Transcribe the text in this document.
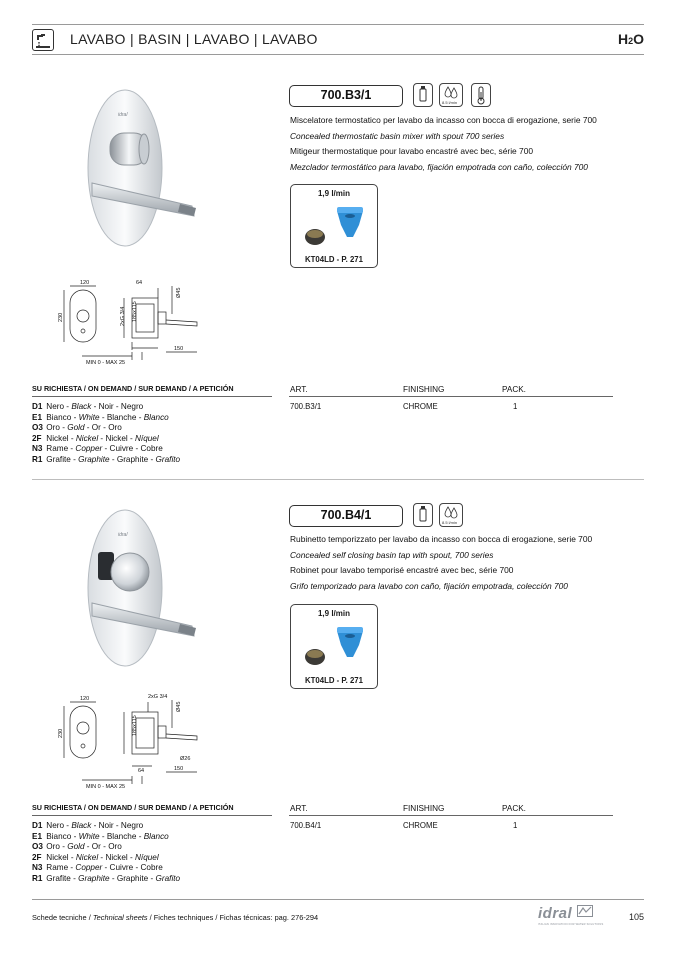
LAVABO | BASIN | LAVABO | LAVABO	H2O
idral
120	64
230
Ø45
2xG 3/4 185x115
150
MIN 0 - MAX 25
700.B3/1
8.5 l/min
Miscelatore termostatico per lavabo da incasso con bocca di erogazione, serie 700
Concealed thermostatic basin mixer with spout 700 series
Mitigeur thermostatique pour lavabo encastré avec bec, série 700
Mezclador termostático para lavabo, fijación empotrada con caño, colección 700
1,9 l/min
KT04LD - P. 271
SU RICHIESTA / ON DEMAND / SUR DEMAND / A PETICIÓN
D1 Nero - Black - Noir - Negro
E1 Bianco - White - Blanche - Blanco
O3 Oro - Gold - Or - Oro
2F Nickel - Nickel - Nickel - Níquel
N3 Rame - Copper - Cuivre - Cobre
R1 Grafite - Graphite - Graphite - Grafito
ART.	FINISHING	PACK.
700.B3/1	CHROME	1
idral
120	2xG 3/4
230
Ø45
185x115
64
Ø26
150
MIN 0 - MAX 25
700.B4/1
8.5 l/min
Rubinetto temporizzato per lavabo da incasso con bocca di erogazione, serie 700
Concealed self closing basin tap with spout, 700 series
Robinet pour lavabo temporisé encastré avec bec, série 700
Grifo temporizado para lavabo con caño, fijación empotrada, colección 700
1,9 l/min
KT04LD - P. 271
SU RICHIESTA / ON DEMAND / SUR DEMAND / A PETICIÓN
D1 Nero - Black - Noir - Negro
E1 Bianco - White - Blanche - Blanco
O3 Oro - Gold - Or - Oro
2F Nickel - Nickel - Nickel - Níquel
N3 Rame - Copper - Cuivre - Cobre
R1 Grafite - Graphite - Graphite - Grafito
ART.	FINISHING	PACK.
700.B4/1	CHROME	1
Schede tecniche / Technical sheets / Fiches techniques / Fichas técnicas: pag. 276-294	idral
ITALIAN INNOVATION FOR WATER SOLUTIONS
105
